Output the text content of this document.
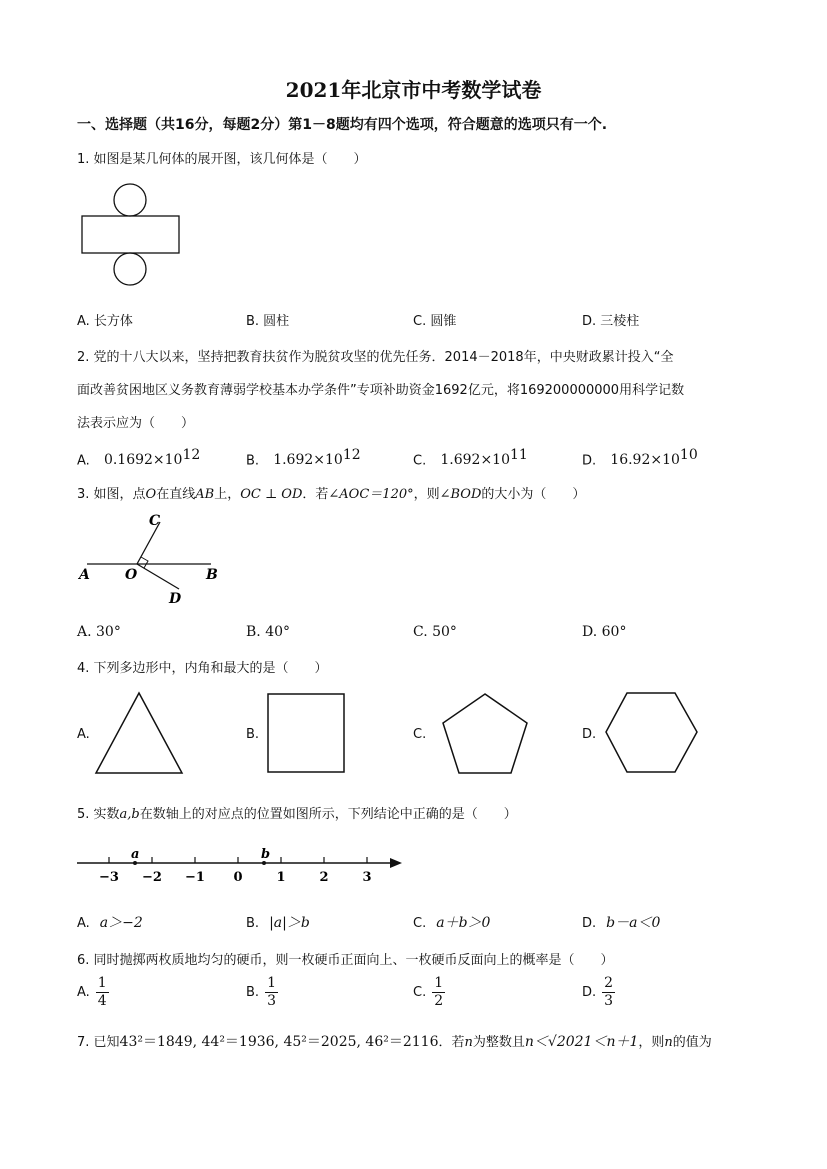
2021年北京市中考数学试卷
一、选择题（共16分，每题2分）第1－8题均有四个选项，符合题意的选项只有一个.
1. 如图是某几何体的展开图，该几何体是（　　）
A. 长方体	B. 圆柱	C. 圆锥	D. 三棱柱
2. 党的十八大以来，坚持把教育扶贫作为脱贫攻坚的优先任务．2014－2018年，中央财政累计投入“全
面改善贫困地区义务教育薄弱学校基本办学条件”专项补助资金1692亿元，将169200000000用科学记数
法表示应为（　　）
A. $0.1692\times 10^{12}$	B. $1.692\times 10^{12}$	C. $1.692\times 10^{11}$	D. $16.92\times 10^{10}$
3. 如图，点O在直线AB上，OC ⊥ OD．若∠AOC＝120°，则∠BOD的大小为（　　）
A	O	B
C
D
A. 30°	B. 40°	C. 50°	D. 60°
4. 下列多边形中，内角和最大的是（　　）
A.	B.	C.	D.
5. 实数a,b在数轴上的对应点的位置如图所示，下列结论中正确的是（　　）
−3 −2 −1 0	1	2	3
a	b
A. a＞−2	B. |a|＞b	C. a＋b＞0	D. b－a＜0
6. 同时抛掷两枚质地均匀的硬币，则一枚硬币正面向上、一枚硬币反面向上的概率是（　　）
A. $\frac{1}{4}$	B. $\frac{1}{3}$	C. $\frac{1}{2}$	D. $\frac{2}{3}$
7. 已知43²＝1849, 44²＝1936, 45²＝2025, 46²＝2116．若n为整数且n＜√2021＜n＋1，则n的值为
